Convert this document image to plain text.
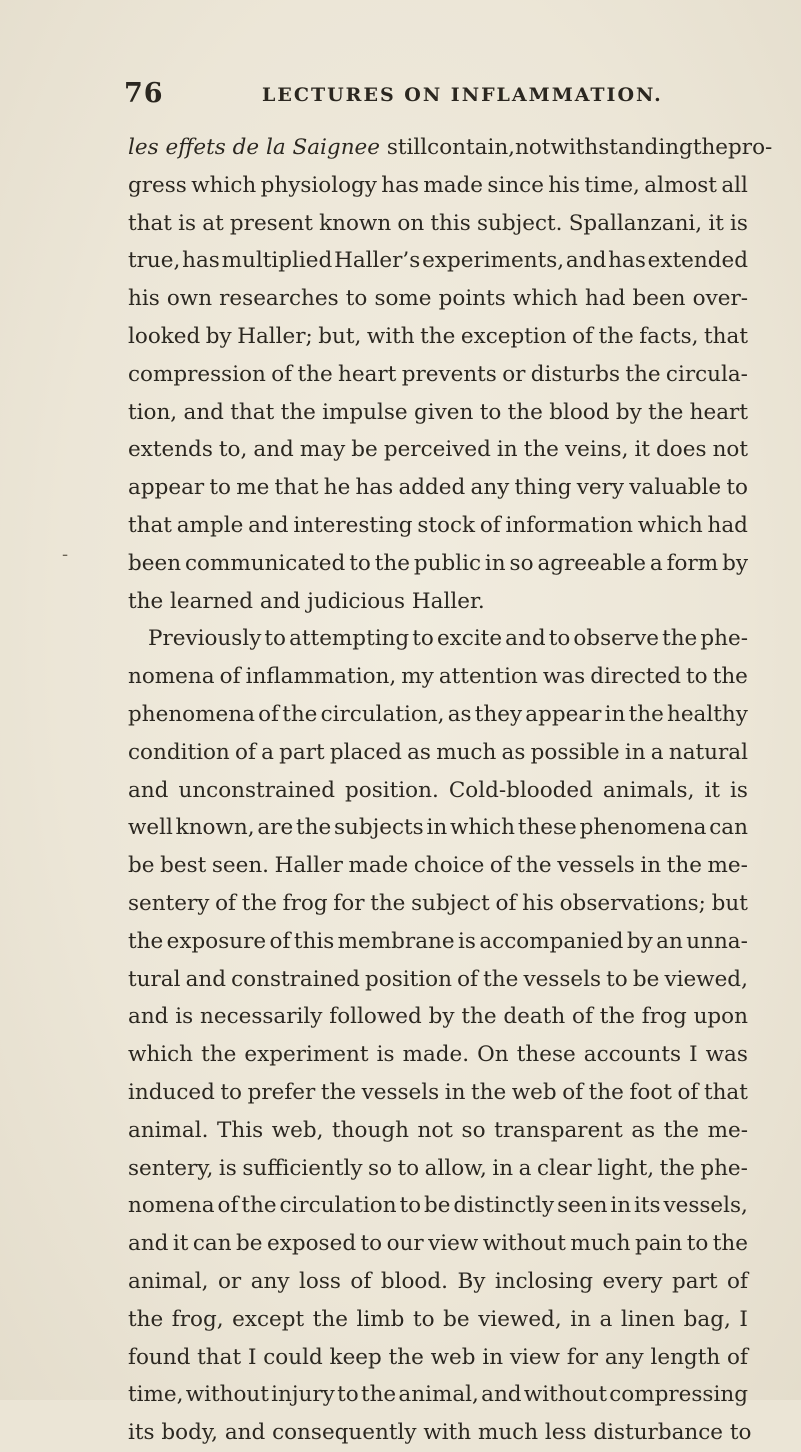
76	LECTURES ON INFLAMMATION.
-
les effets de la Saignee
still contain, notwithstanding the pro-
gress which physiology has made since his time, almost all
that is at present known on this subject. Spallanzani, it is
true, has multiplied Haller’s experiments, and has extended
his own researches to some points which had been over-
looked by Haller; but, with the exception of the facts, that
compression of the heart prevents or disturbs the circula-
tion, and that the impulse given to the blood by the heart
extends to, and may be perceived in the veins, it does not
appear to me that he has added any thing very valuable to
that ample and interesting stock of information which had
been communicated to the public in so agreeable a form by
the learned and judicious Haller.
Previously to attempting to excite and to observe the phe-
nomena of inflammation, my attention was directed to the
phenomena of the circulation, as they appear in the healthy
condition of a part placed as much as possible in a natural
and unconstrained position. Cold-blooded animals, it is
well known, are the subjects in which these phenomena can
be best seen. Haller made choice of the vessels in the me-
sentery of the frog for the subject of his observations; but
the exposure of this membrane is accompanied by an unna-
tural and constrained position of the vessels to be viewed,
and is necessarily followed by the death of the frog upon
which the experiment is made. On these accounts I was
induced to prefer the vessels in the web of the foot of that
animal. This web, though not so transparent as the me-
sentery, is sufficiently so to allow, in a clear light, the phe-
nomena of the circulation to be distinctly seen in its vessels,
and it can be exposed to our view without much pain to the
animal, or any loss of blood. By inclosing every part of
the frog, except the limb to be viewed, in a linen bag, I
found that I could keep the web in view for any length of
time, without injury to the animal, and without compressing
its body, and consequently with much less disturbance to
